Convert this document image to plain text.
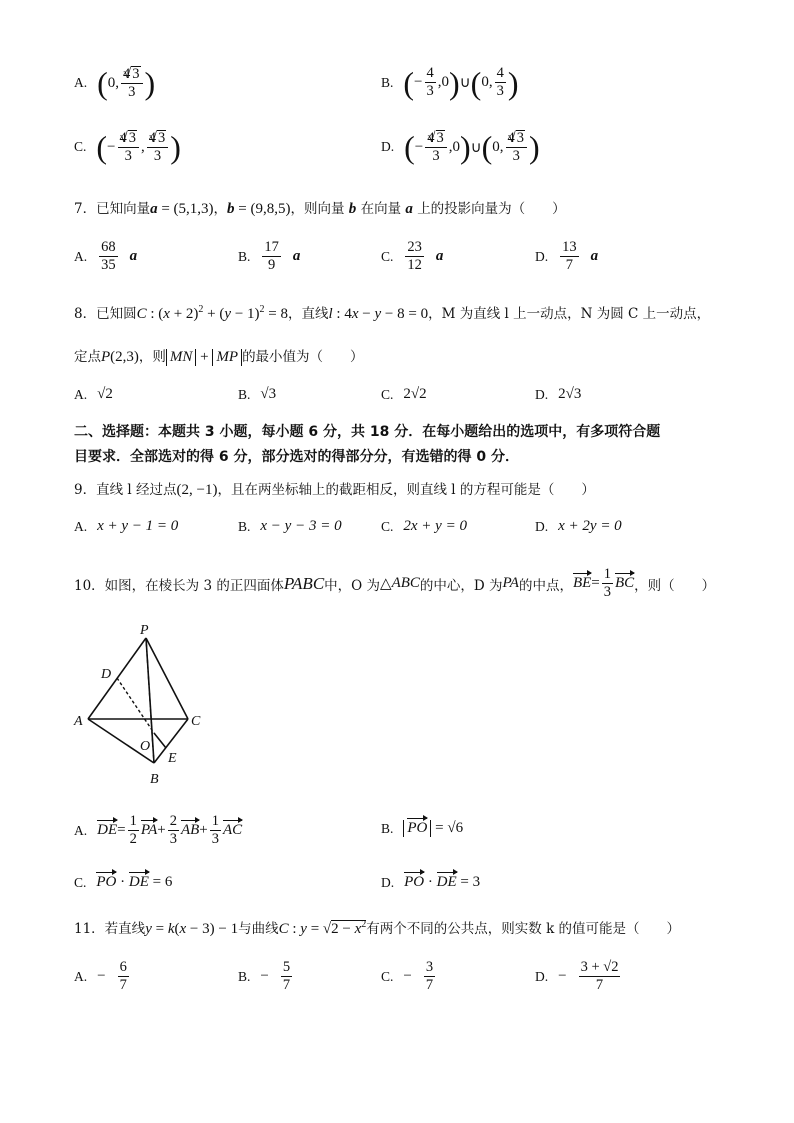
A. ( 0, $\frac{4 √ 3}{3}$ )	B. ( − $\frac{4}{3} ,0$ ) ∪ ( 0, $\frac{4}{3}$ )
C. ( − $\frac{4 √ 3}{3}$ , $\frac{4 √ 3}{3}$ )	D. ( − $\frac{4 √ 3}{3} ,0$ ) ∪ ( 0, $\frac{4 √ 3}{3}$ )
7．已知向量a = (5,1,3)，b = (9,8,5)，则向量 b 在向量 a 上的投影向量为（　　）
A. $\frac{68}{35}$ a	B. $\frac{17}{9}$ a	C. $\frac{23}{12}$ a	D. $\frac{13}{7}$ a
8．已知圆C : $(x + 2)^2 + (y - 1)^2 = 8$，直线l : 4x − y − 8 = 0，M 为直线 l 上一动点，N 为圆 C 上一动点，
定点P(2,3)，则 MN + MP 的最小值为（　　）
A. √2	B. √3	C. 2√2	D. 2√3
二、选择题：本题共 3 小题，每小题 6 分，共 18 分．在每小题给出的选项中，有多项符合题
目要求．全部选对的得 6 分，部分选对的得部分分，有选错的得 0 分．
9．直线 l 经过点(2, −1)，且在两坐标轴上的截距相反，则直线 l 的方程可能是（　　）
A. x + y − 1 = 0	B. x − y − 3 = 0	C. 2x + y = 0	D. x + 2y = 0
10．如图，在棱长为 3 的正四面体 PABC 中，O 为 △ ABC 的中心，D 为 PA 的中点， BE = $\frac{1}{3}$ BC ，则（　　）
P
D
A	C
O
E
B
A. DE = $\frac{1}{2}$ PA + $\frac{2}{3}$ AB + $\frac{1}{3}$ AC	B. PO = √6
C. PO · DE = 6	D. PO · DE = 3
11．若直线y = k(x − 3) − 1与曲线C : $y = √2 - x^2$有两个不同的公共点，则实数 k 的值可能是（　　）
A. − $\frac{6}{7}$	B. − $\frac{5}{7}$	C. − $\frac{3}{7}$	D. − $\frac{3 + √2}{7}$
